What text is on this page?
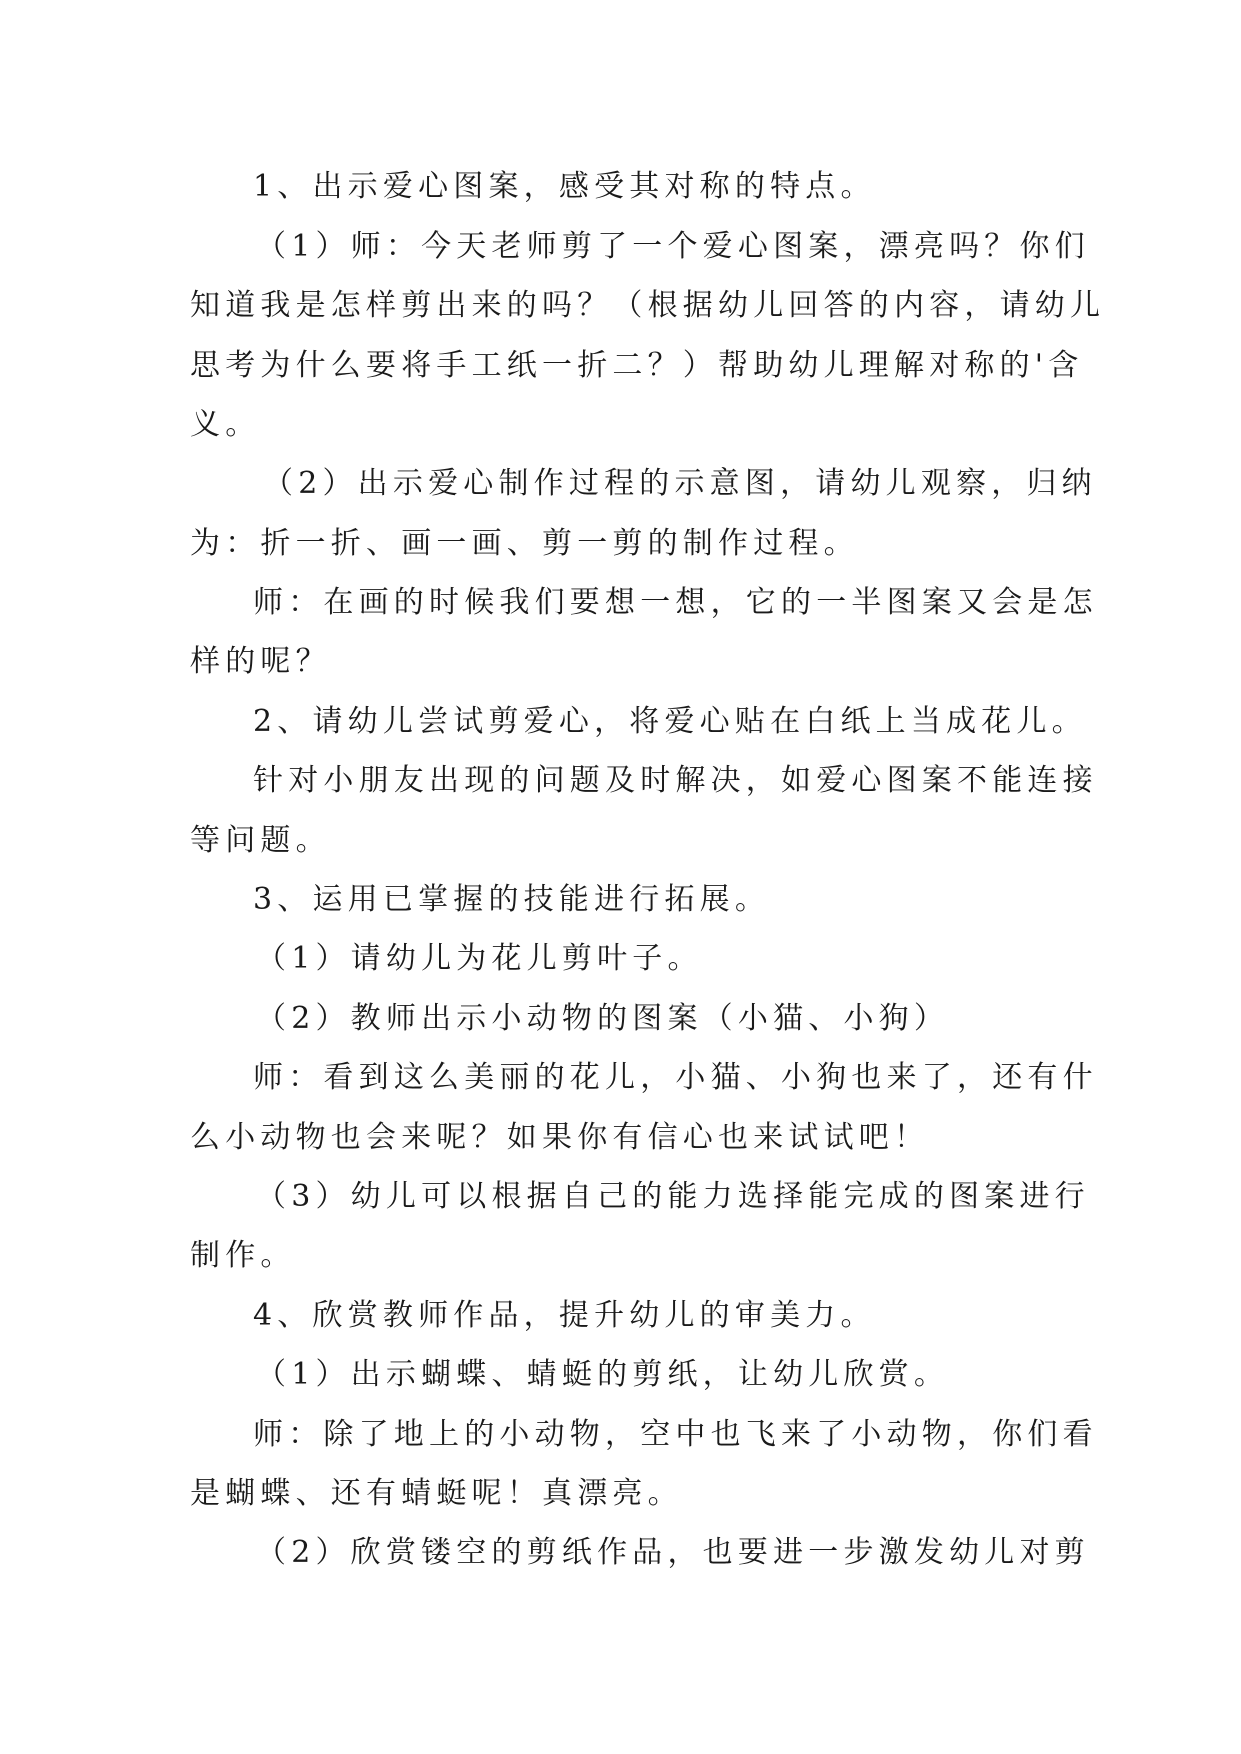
1、出示爱心图案，感受其对称的特点。
（1）师：今天老师剪了一个爱心图案，漂亮吗？你们
知道我是怎样剪出来的吗？（根据幼儿回答的内容，请幼儿
思考为什么要将手工纸一折二？）帮助幼儿理解对称的'含
义。
（2）出示爱心制作过程的示意图，请幼儿观察，归纳
为：折一折、画一画、剪一剪的制作过程。
师：在画的时候我们要想一想，它的一半图案又会是怎
样的呢？
2、请幼儿尝试剪爱心，将爱心贴在白纸上当成花儿。
针对小朋友出现的问题及时解决，如爱心图案不能连接
等问题。
3、运用已掌握的技能进行拓展。
（1）请幼儿为花儿剪叶子。
（2）教师出示小动物的图案（小猫、小狗）
师：看到这么美丽的花儿，小猫、小狗也来了，还有什
么小动物也会来呢？如果你有信心也来试试吧！
（3）幼儿可以根据自己的能力选择能完成的图案进行
制作。
4、欣赏教师作品，提升幼儿的审美力。
（1）出示蝴蝶、蜻蜓的剪纸，让幼儿欣赏。
师：除了地上的小动物，空中也飞来了小动物，你们看
是蝴蝶、还有蜻蜓呢！真漂亮。
（2）欣赏镂空的剪纸作品，也要进一步激发幼儿对剪
